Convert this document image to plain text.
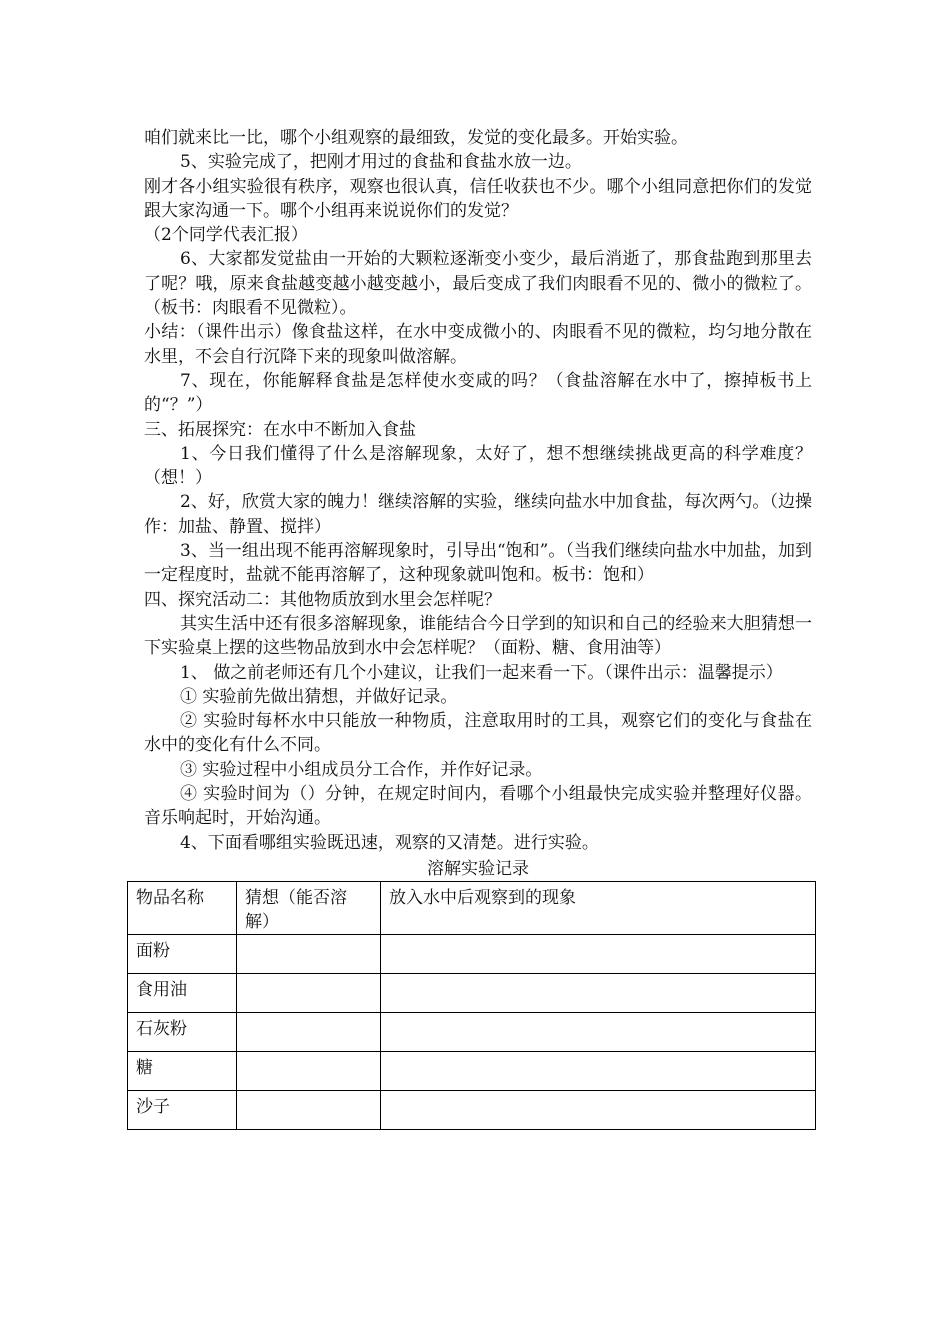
咱们就来比一比，哪个小组观察的最细致，发觉的变化最多。开始实验。

5、实验完成了，把刚才用过的食盐和食盐水放一边。

刚才各小组实验很有秩序，观察也很认真，信任收获也不少。哪个小组同意把你们的发觉跟大家沟通一下。哪个小组再来说说你们的发觉？

（2个同学代表汇报）

6、大家都发觉盐由一开始的大颗粒逐渐变小变少，最后消逝了，那食盐跑到那里去了呢？哦，原来食盐越变越小越变越小，最后变成了我们肉眼看不见的、微小的微粒了。（板书：肉眼看不见微粒）。

小结：（课件出示）像食盐这样，在水中变成微小的、肉眼看不见的微粒，均匀地分散在水里，不会自行沉降下来的现象叫做溶解。

7、现在，你能解释食盐是怎样使水变咸的吗？（食盐溶解在水中了，擦掉板书上的“？”）

三、拓展探究：在水中不断加入食盐

1、今日我们懂得了什么是溶解现象，太好了，想不想继续挑战更高的科学难度？ （想！）

2、好，欣赏大家的魄力！继续溶解的实验，继续向盐水中加食盐，每次两勺。（边操作：加盐、静置、搅拌）

3、当一组出现不能再溶解现象时，引导出“饱和”。（当我们继续向盐水中加盐，加到一定程度时，盐就不能再溶解了，这种现象就叫饱和。板书：饱和）

四、探究活动二：其他物质放到水里会怎样呢？

其实生活中还有很多溶解现象，谁能结合今日学到的知识和自己的经验来大胆猜想一下实验桌上摆的这些物品放到水中会怎样呢？（面粉、糖、食用油等）

1、 做之前老师还有几个小建议，让我们一起来看一下。（课件出示：温馨提示）

① 实验前先做出猜想，并做好记录。

② 实验时每杯水中只能放一种物质，注意取用时的工具，观察它们的变化与食盐在水中的变化有什么不同。

③ 实验过程中小组成员分工合作，并作好记录。

④ 实验时间为（）分钟，在规定时间内，看哪个小组最快完成实验并整理好仪器。音乐响起时，开始沟通。

4、下面看哪组实验既迅速，观察的又清楚。进行实验。

溶解实验记录

物品名称	猜想（能否溶解）	放入水中后观察到的现象
面粉		
食用油		
石灰粉		
糖		
沙子		
